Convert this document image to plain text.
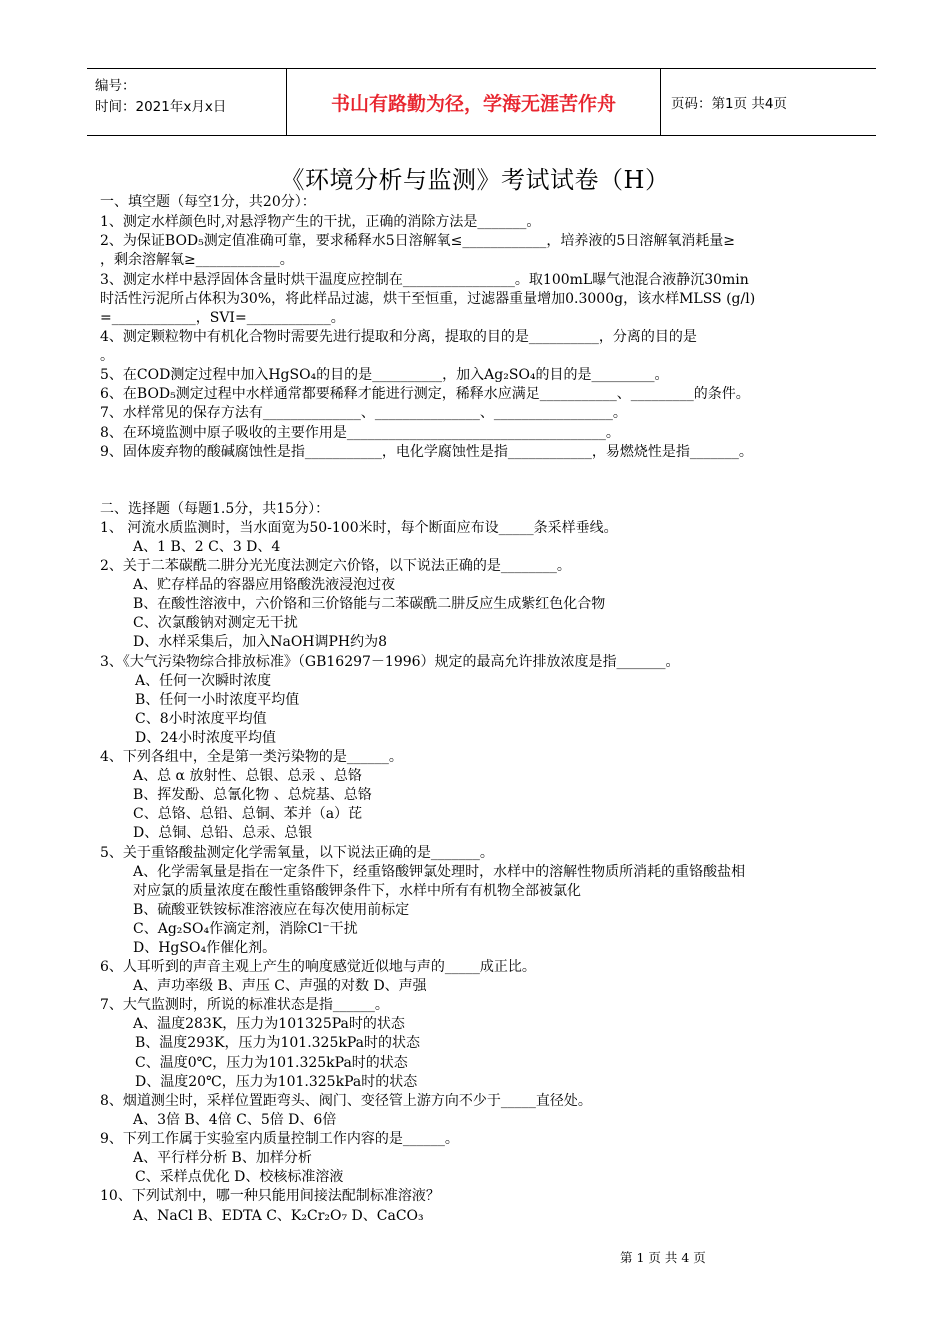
编号：
时间：2021年x月x日	书山有路勤为径，学海无涯苦作舟	页码：第1页 共4页
《环境分析与监测》考试试卷（H）
一、填空题（每空1分，共20分）：
1、测定水样颜色时,对悬浮物产生的干扰，正确的消除方法是_______。
2、为保证BOD₅测定值准确可靠，要求稀释水5日溶解氧≤____________，培养液的5日溶解氧消耗量≥
，剩余溶解氧≥____________。
3、测定水样中悬浮固体含量时烘干温度应控制在________________。取100mL曝气池混合液静沉30min
时活性污泥所占体积为30%，将此样品过滤，烘干至恒重，过滤器重量增加0.3000g，该水样MLSS (g/l)
=____________，SVI=____________。
4、测定颗粒物中有机化合物时需要先进行提取和分离，提取的目的是__________，分离的目的是
。
5、在COD测定过程中加入HgSO₄的目的是__________，加入Ag₂SO₄的目的是_________。
6、在BOD₅测定过程中水样通常都要稀释才能进行测定，稀释水应满足___________、_________的条件。
7、水样常见的保存方法有______________、_______________、_________________。
8、在环境监测中原子吸收的主要作用是_____________________________________。
9、固体废弃物的酸碱腐蚀性是指___________，电化学腐蚀性是指____________，易燃烧性是指_______。
二、选择题（每题1.5分，共15分）：
1、 河流水质监测时，当水面宽为50-100米时，每个断面应布设_____条采样垂线。
A、1 B、2 C、3 D、4
2、关于二苯碳酰二肼分光光度法测定六价铬，以下说法正确的是________。
A、贮存样品的容器应用铬酸洗液浸泡过夜
B、在酸性溶液中，六价铬和三价铬能与二苯碳酰二肼反应生成紫红色化合物
C、次氯酸钠对测定无干扰
D、水样采集后，加入NaOH调PH约为8
3、《大气污染物综合排放标准》（GB16297－1996）规定的最高允许排放浓度是指_______。
A、任何一次瞬时浓度
B、任何一小时浓度平均值
C、8小时浓度平均值
D、24小时浓度平均值
4、下列各组中，全是第一类污染物的是______。
A、总 α 放射性、总银、总汞 、总铬
B、挥发酚、总氰化物 、总烷基、总铬
C、总铬、总铅、总铜、苯并（a）芘
D、总铜、总铅、总汞、总银
5、关于重铬酸盐测定化学需氧量，以下说法正确的是_______。
A、化学需氧量是指在一定条件下，经重铬酸钾氯处理时，水样中的溶解性物质所消耗的重铬酸盐相
对应氯的质量浓度在酸性重铬酸钾条件下，水样中所有有机物全部被氯化
B、硫酸亚铁铵标准溶液应在每次使用前标定
C、Ag₂SO₄作滴定剂，消除Cl⁻干扰
D、HgSO₄作催化剂。
6、人耳听到的声音主观上产生的响度感觉近似地与声的_____成正比。
A、声功率级 B、声压 C、声强的对数 D、声强
7、大气监测时，所说的标准状态是指______。
A、温度283K，压力为101325Pa时的状态
B、温度293K，压力为101.325kPa时的状态
C、温度0℃，压力为101.325kPa时的状态
D、温度20℃，压力为101.325kPa时的状态
8、烟道测尘时，采样位置距弯头、阀门、变径管上游方向不少于_____直径处。
A、3倍 B、4倍 C、5倍 D、6倍
9、下列工作属于实验室内质量控制工作内容的是______。
A、平行样分析 B、加样分析
C、采样点优化 D、校核标准溶液
10、下列试剂中，哪一种只能用间接法配制标准溶液？
A、NaCl B、EDTA C、K₂Cr₂O₇ D、CaCO₃
第 1 页 共 4 页
